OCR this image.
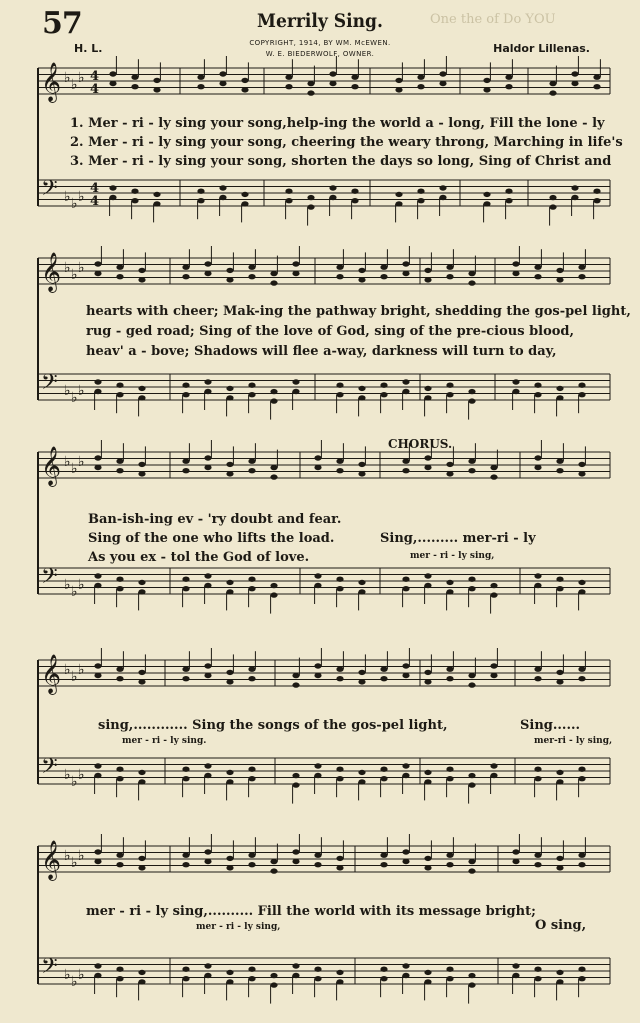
57	Merrily Sing.	One the of Do YOU
H. L.	Haldor Lillenas.
COPYRIGHT, 1914, BY WM. McEWEN.
W. E. BIEDERWOLF, OWNER.
𝄞
𝄢
♭
♭
♭
♭
♭
♭
4
4
4
4
𝄞
𝄢
♭
♭
♭
♭
♭
♭
𝄞
𝄢
♭
♭
♭
♭
♭
♭
𝄞
𝄢
♭
♭
♭
♭
♭
♭
𝄞
𝄢
♭
♭
♭
♭
♭
♭
1. Mer - ri - ly sing your song,help-ing the world a - long, Fill the lone - ly
2. Mer - ri - ly sing your song, cheering the weary throng, Marching in life's
3. Mer - ri - ly sing your song, shorten the days so long, Sing of Christ and
hearts with cheer; Mak-ing the pathway bright, shedding the gos-pel light,
rug - ged road; Sing of the love of God, sing of the pre-cious blood,
heav' a - bove; Shadows will flee a-way, darkness will turn to day,
CHORUS.
Ban-ish-ing ev - 'ry doubt and fear.
Sing of the one who lifts the load.
As you ex - tol the God of love.
Sing,......... mer-ri - ly
mer - ri - ly sing,
sing,............ Sing the songs of the gos-pel light,	Sing......
mer - ri - ly sing.	mer-ri - ly sing,
mer - ri - ly sing,.......... Fill the world with its message bright;
mer - ri - ly sing,	O sing,
